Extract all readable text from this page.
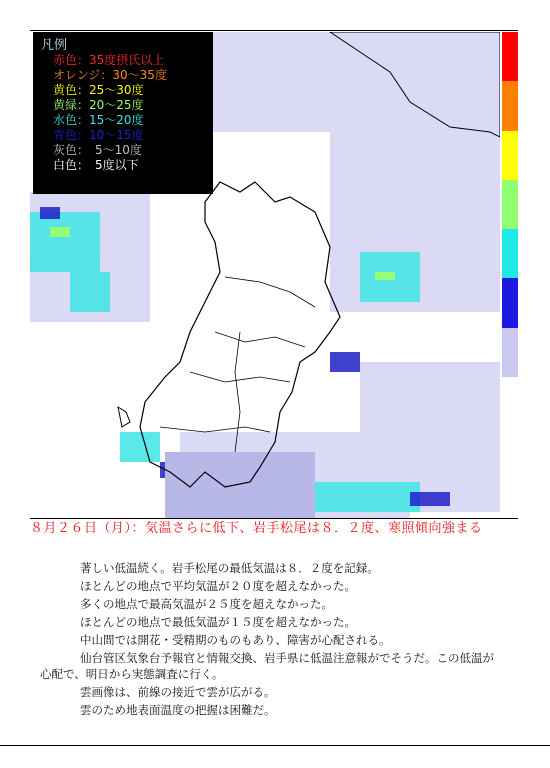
凡例
赤色：35度摂氏以上
オレンジ：30～35度
黄色：25～30度
黄緑：20～25度
水色：15～20度
青色：10～15度
灰色：　5～10度
白色：　5度以下
８月２６日（月）：気温さらに低下、岩手松尾は８．２度、寒照傾向強まる

著しい低温続く。岩手松尾の最低気温は８．２度を記録。

ほとんどの地点で平均気温が２０度を超えなかった。

多くの地点で最高気温が２５度を超えなかった。

ほとんどの地点で最低気温が１５度を超えなかった。

中山間では開花・受精期のものもあり、障害が心配される。

仙台管区気象台予報官と情報交換、岩手県に低温注意報がでそうだ。この低温が心配で、明日から実態調査に行く。

雲画像は、前線の接近で雲が広がる。

雲のため地表面温度の把握は困難だ。
